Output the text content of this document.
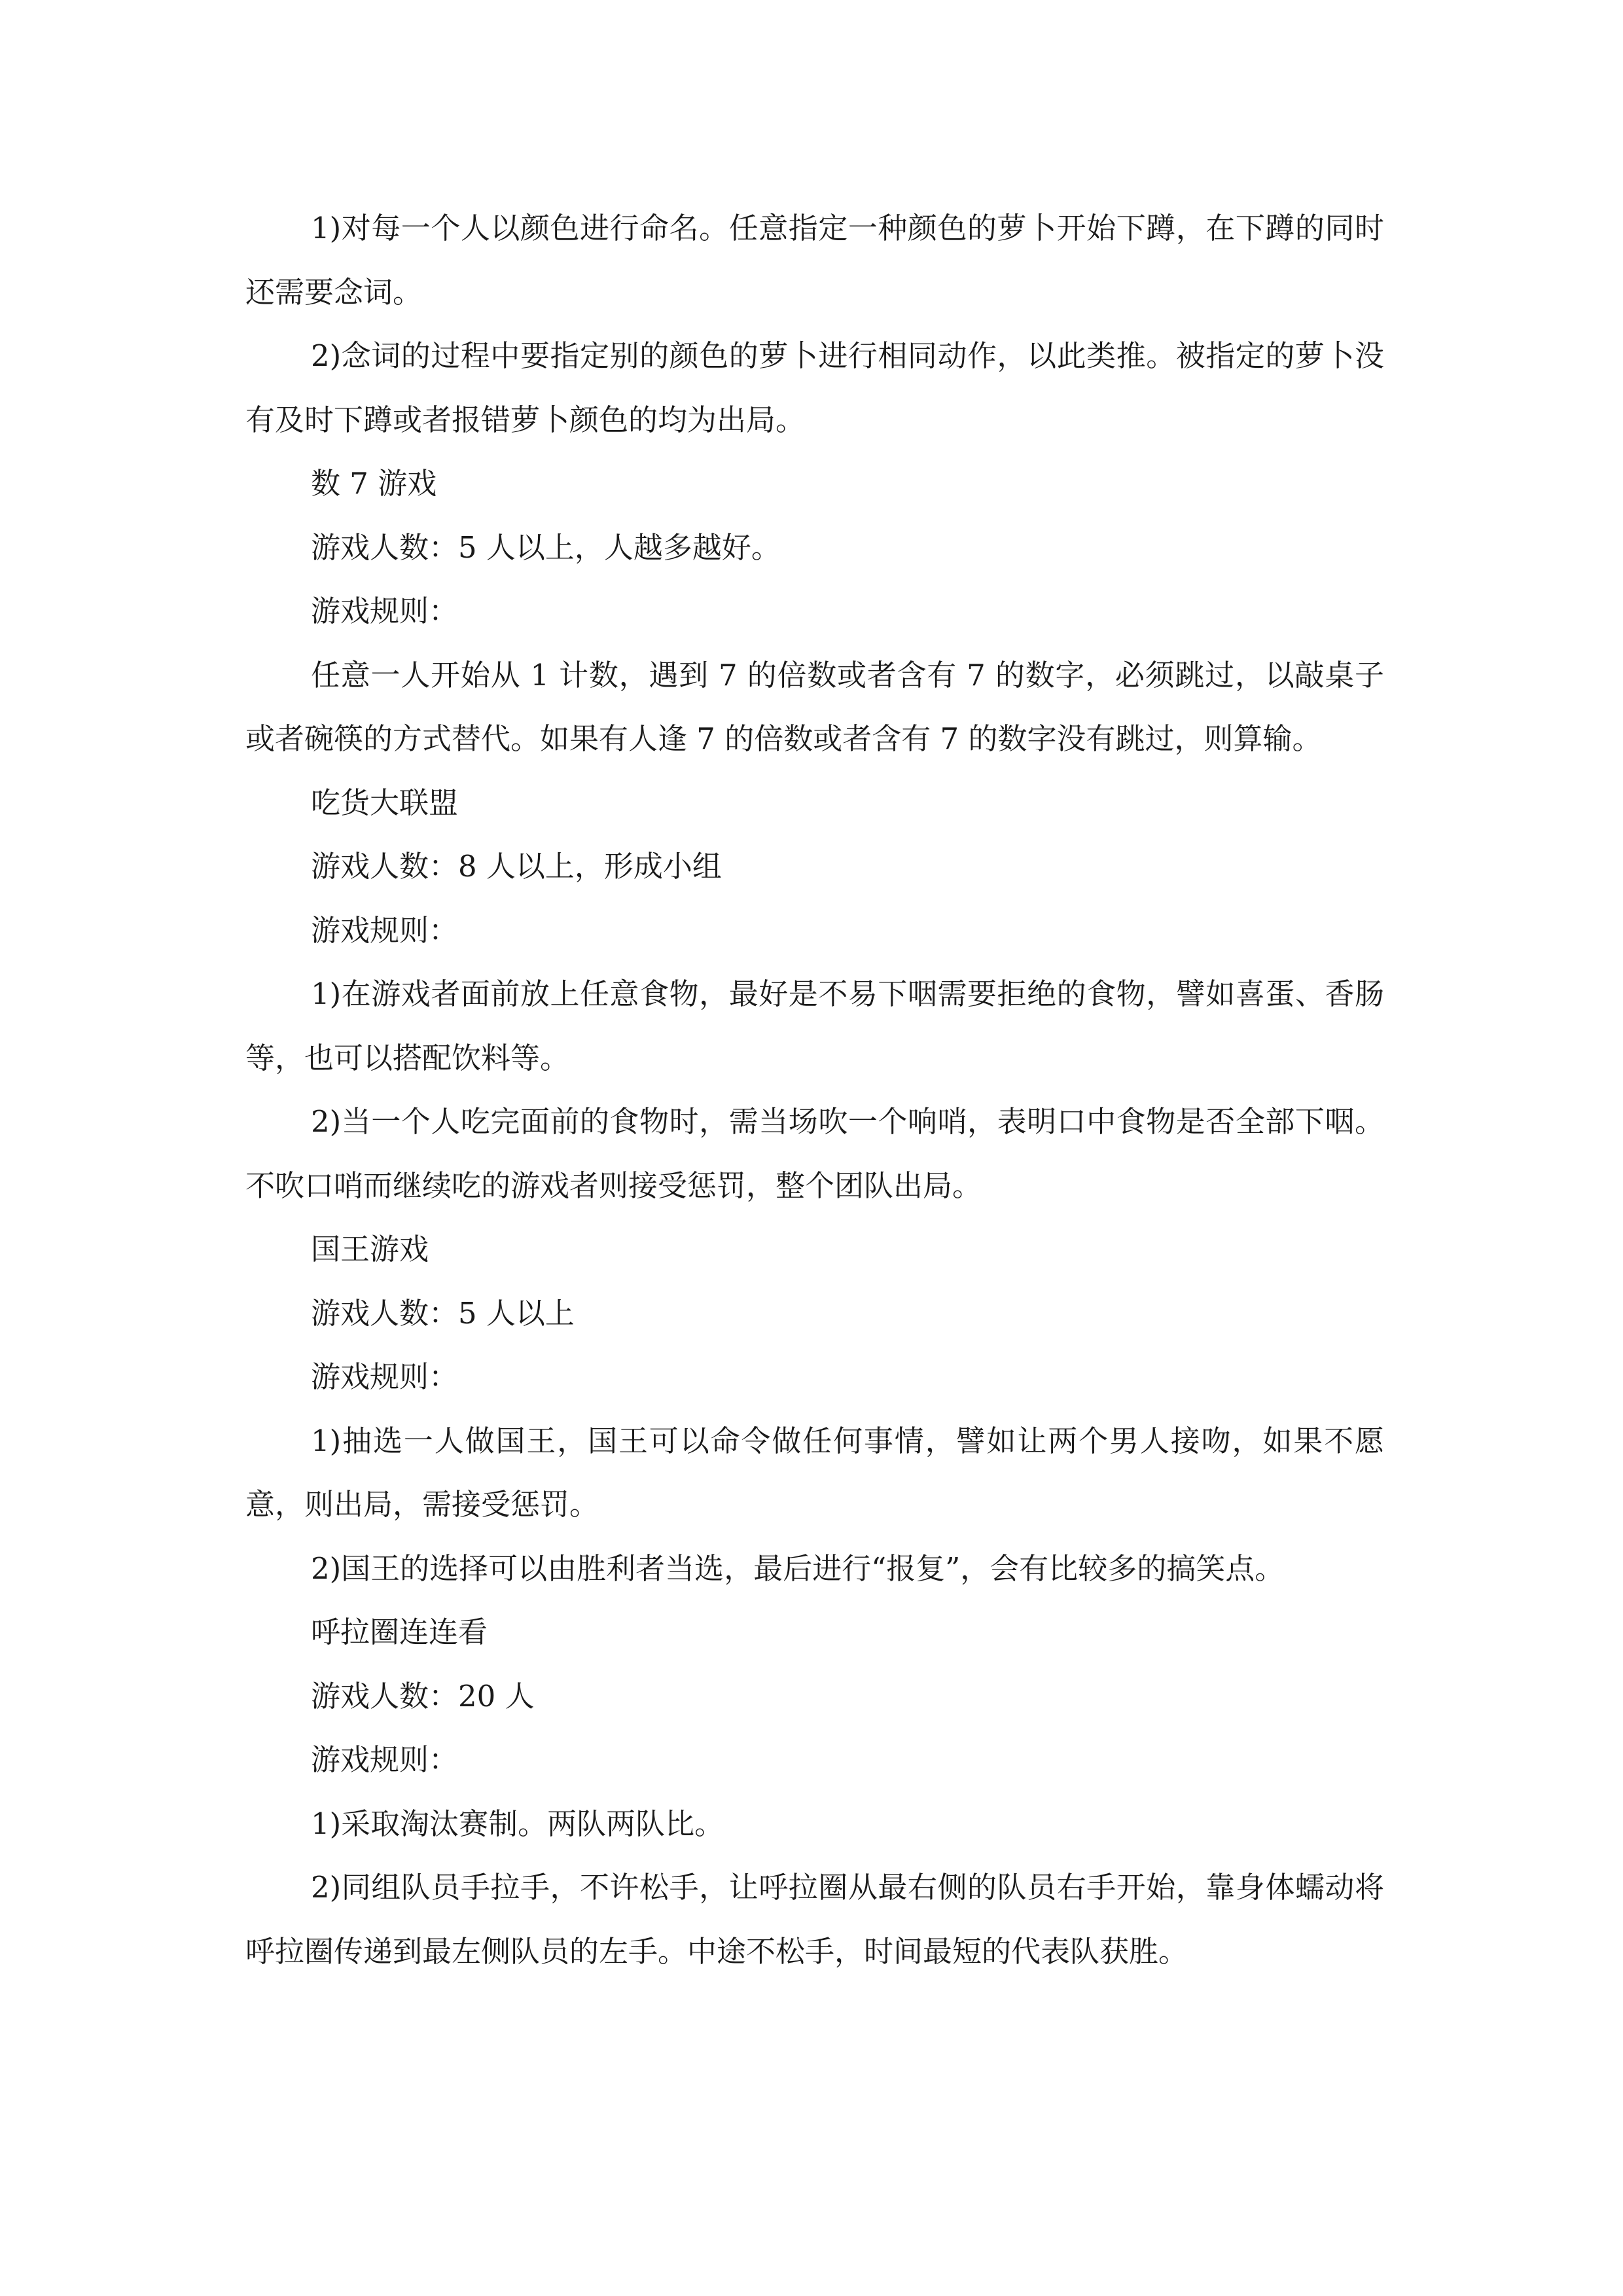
1)对每一个人以颜色进行命名。任意指定一种颜色的萝卜开始下蹲，在下蹲的同时还需要念词。

2)念词的过程中要指定别的颜色的萝卜进行相同动作，以此类推。被指定的萝卜没有及时下蹲或者报错萝卜颜色的均为出局。

数 7 游戏

游戏人数：5 人以上，人越多越好。

游戏规则：

任意一人开始从 1 计数，遇到 7 的倍数或者含有 7 的数字，必须跳过，以敲桌子或者碗筷的方式替代。如果有人逢 7 的倍数或者含有 7 的数字没有跳过，则算输。

吃货大联盟

游戏人数：8 人以上，形成小组

游戏规则：

1)在游戏者面前放上任意食物，最好是不易下咽需要拒绝的食物，譬如喜蛋、香肠等，也可以搭配饮料等。

2)当一个人吃完面前的食物时，需当场吹一个响哨，表明口中食物是否全部下咽。不吹口哨而继续吃的游戏者则接受惩罚，整个团队出局。

国王游戏

游戏人数：5 人以上

游戏规则：

1)抽选一人做国王，国王可以命令做任何事情，譬如让两个男人接吻，如果不愿意，则出局，需接受惩罚。

2)国王的选择可以由胜利者当选，最后进行“报复”，会有比较多的搞笑点。

呼拉圈连连看

游戏人数：20 人

游戏规则：

1)采取淘汰赛制。两队两队比。

2)同组队员手拉手，不许松手，让呼拉圈从最右侧的队员右手开始，靠身体蠕动将呼拉圈传递到最左侧队员的左手。中途不松手，时间最短的代表队获胜。
